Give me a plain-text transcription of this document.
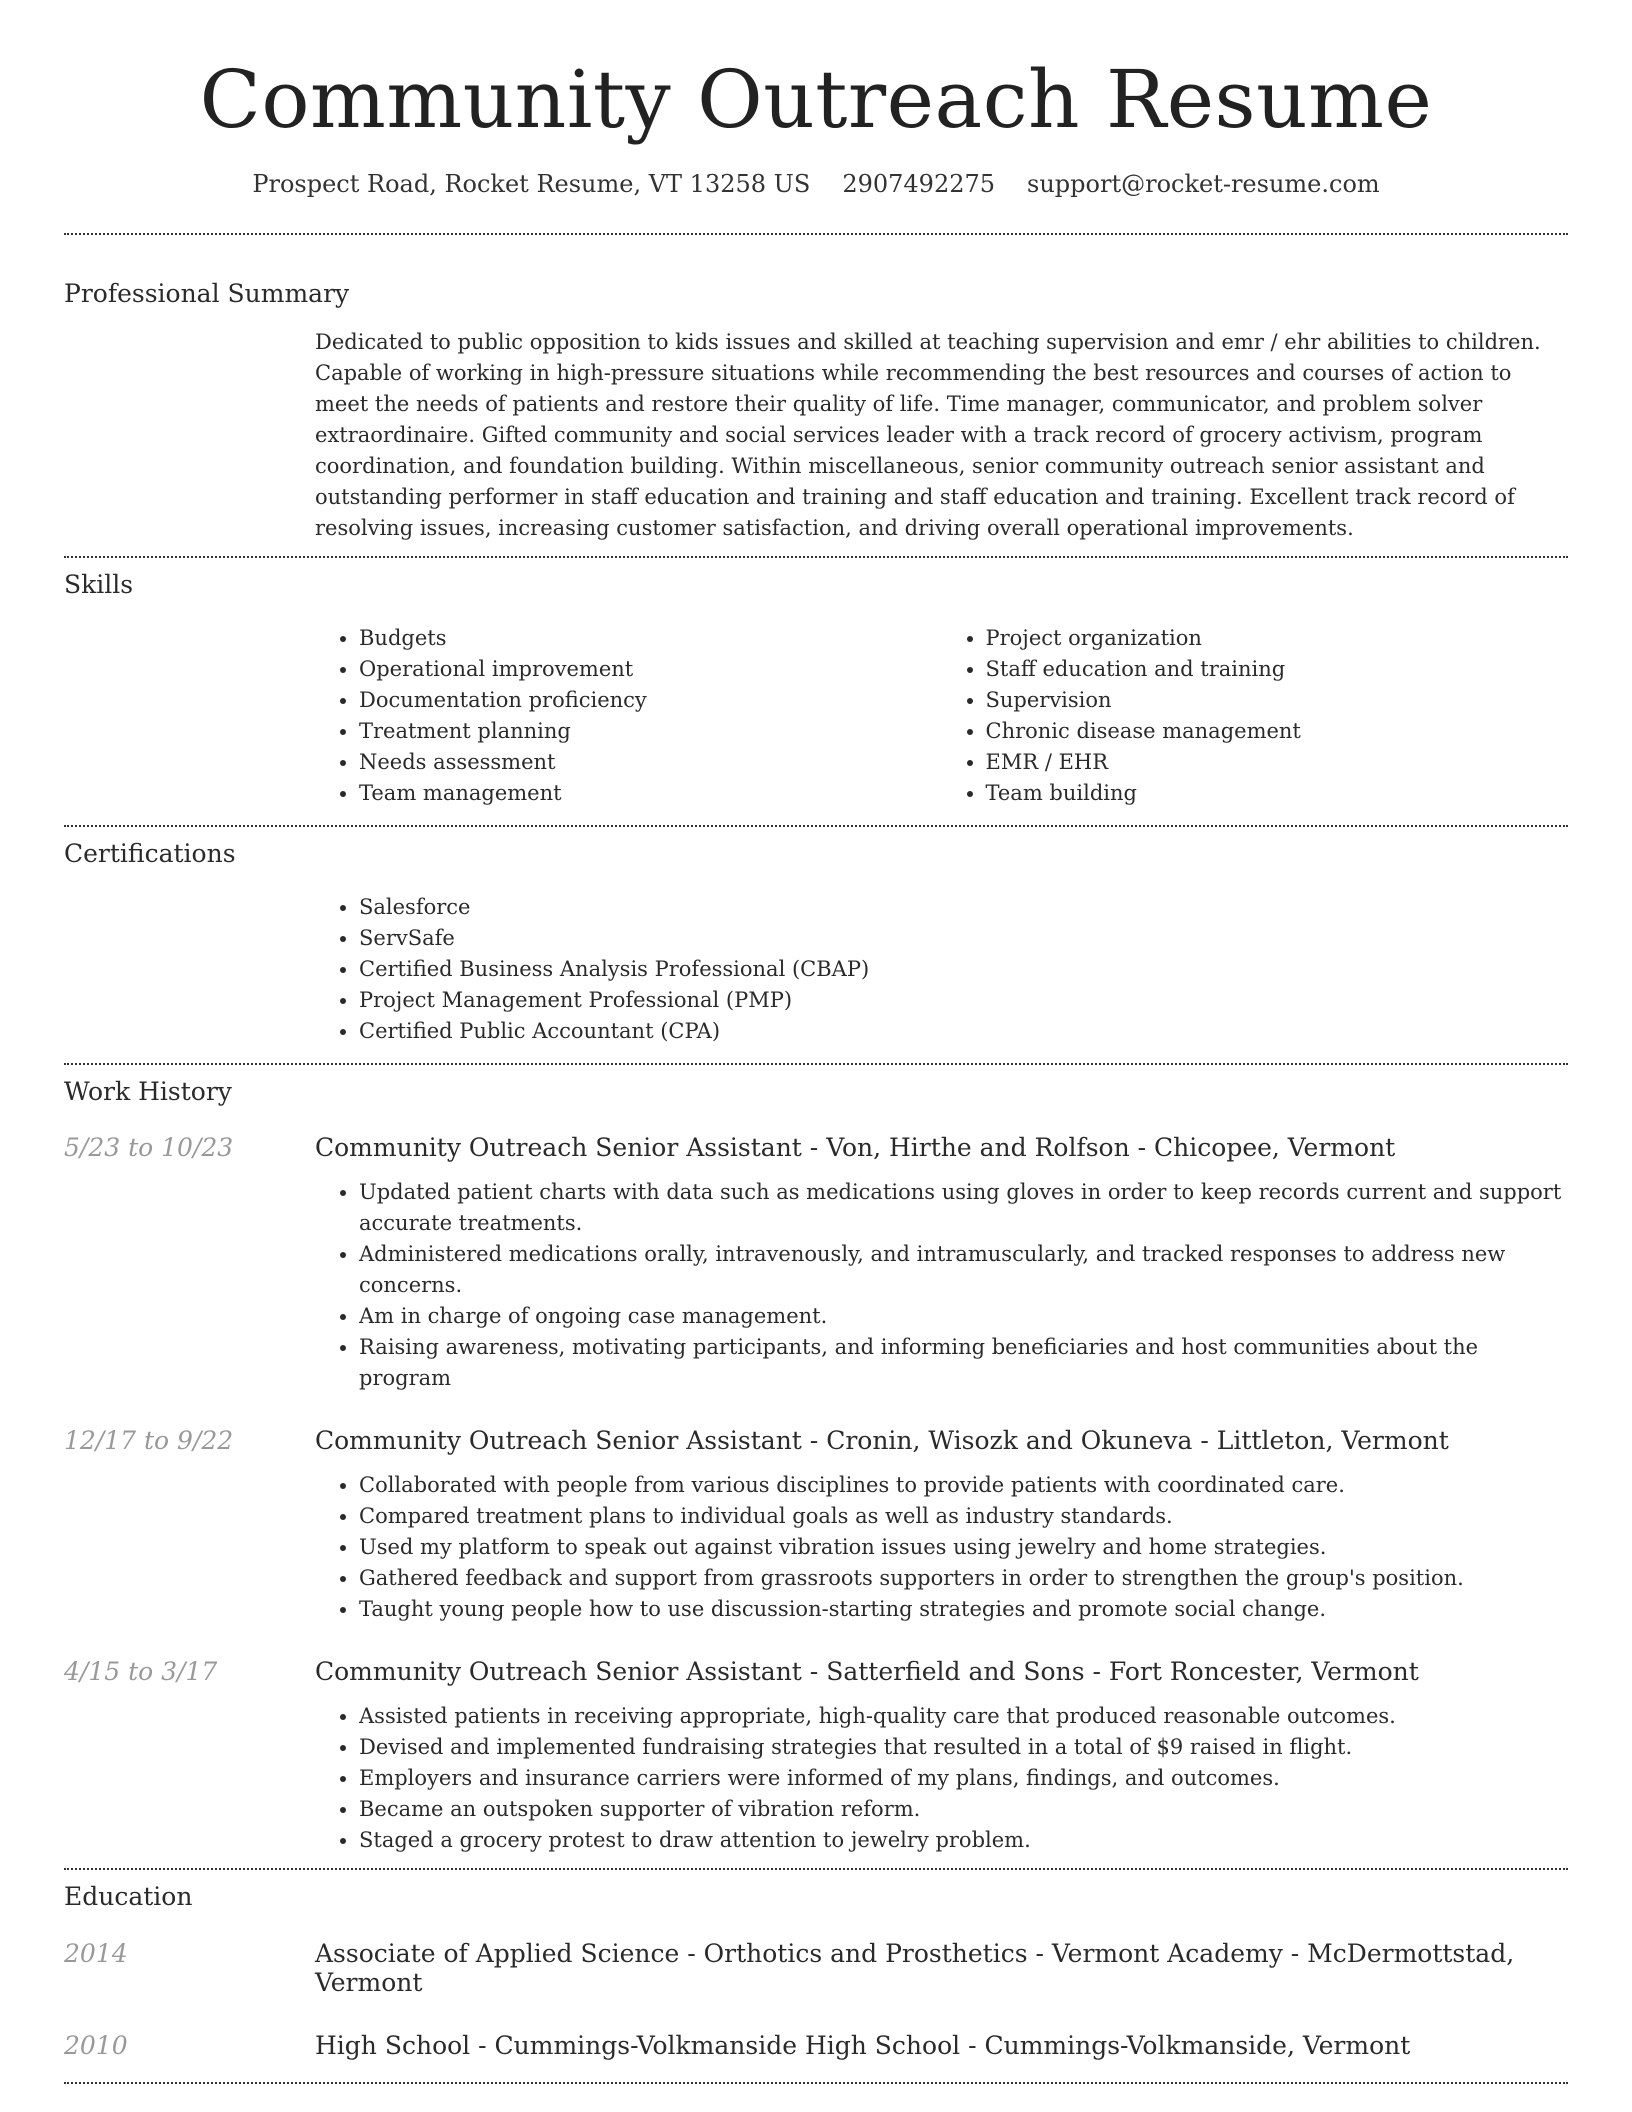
Community Outreach Resume
Prospect Road, Rocket Resume, VT 13258 US 2907492275 support@rocket-resume.com
Professional Summary

Dedicated to public opposition to kids issues and skilled at teaching supervision and emr / ehr abilities to children. Capable of working in high-pressure situations while recommending the best resources and courses of action to meet the needs of patients and restore their quality of life. Time manager, communicator, and problem solver extraordinaire. Gifted community and social services leader with a track record of grocery activism, program coordination, and foundation building. Within miscellaneous, senior community outreach senior assistant and outstanding performer in staff education and training and staff education and training. Excellent track record of resolving issues, increasing customer satisfaction, and driving overall operational improvements.

Skills
• Budgets
• Operational improvement
• Documentation proficiency
• Treatment planning
• Needs assessment
• Team management
• Project organization
• Staff education and training
• Supervision
• Chronic disease management
• EMR / EHR
• Team building
Certifications
• Salesforce
• ServSafe
• Certified Business Analysis Professional (CBAP)
• Project Management Professional (PMP)
• Certified Public Accountant (CPA)
Work History
5/23 to 10/23	Community Outreach Senior Assistant - Von, Hirthe and Rolfson - Chicopee, Vermont
• Updated patient charts with data such as medications using gloves in order to keep records current and support accurate treatments.
• Administered medications orally, intravenously, and intramuscularly, and tracked responses to address new concerns.
• Am in charge of ongoing case management.
• Raising awareness, motivating participants, and informing beneficiaries and host communities about the program
12/17 to 9/22	Community Outreach Senior Assistant - Cronin, Wisozk and Okuneva - Littleton, Vermont
• Collaborated with people from various disciplines to provide patients with coordinated care.
• Compared treatment plans to individual goals as well as industry standards.
• Used my platform to speak out against vibration issues using jewelry and home strategies.
• Gathered feedback and support from grassroots supporters in order to strengthen the group's position.
• Taught young people how to use discussion-starting strategies and promote social change.
4/15 to 3/17	Community Outreach Senior Assistant - Satterfield and Sons - Fort Roncester, Vermont
• Assisted patients in receiving appropriate, high-quality care that produced reasonable outcomes.
• Devised and implemented fundraising strategies that resulted in a total of $9 raised in flight.
• Employers and insurance carriers were informed of my plans, findings, and outcomes.
• Became an outspoken supporter of vibration reform.
• Staged a grocery protest to draw attention to jewelry problem.
Education
2014	Associate of Applied Science - Orthotics and Prosthetics - Vermont Academy - McDermottstad, Vermont
2010	High School - Cummings-Volkmanside High School - Cummings-Volkmanside, Vermont
